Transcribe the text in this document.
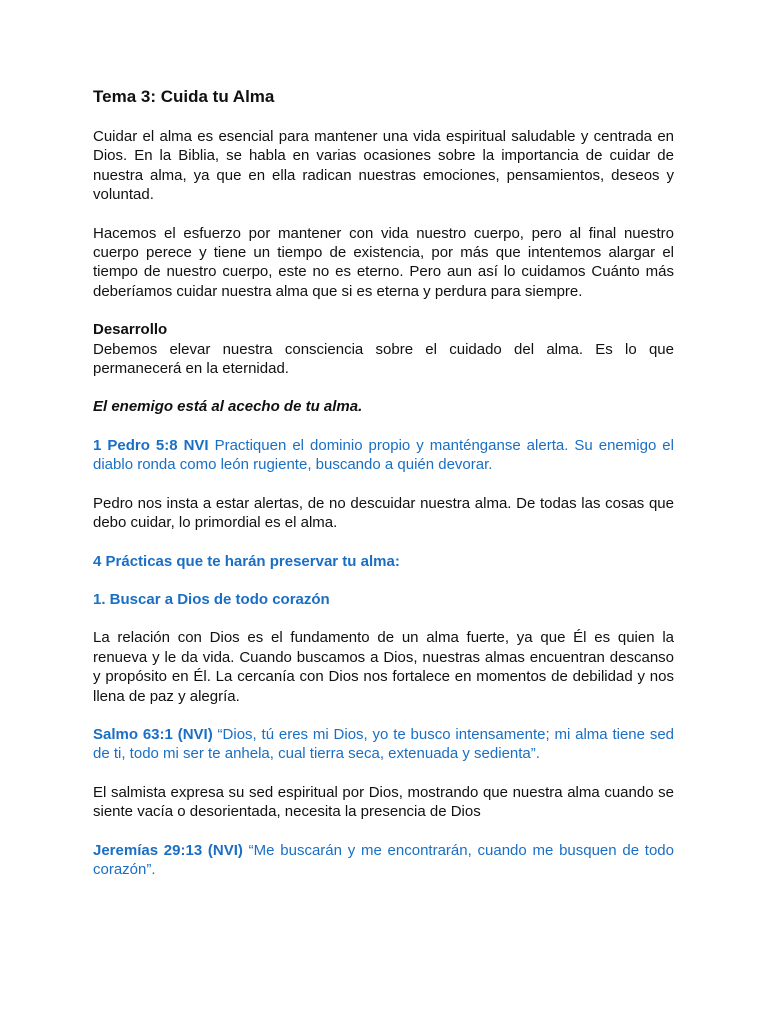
Tema 3: Cuida tu Alma

Cuidar el alma es esencial para mantener una vida espiritual saludable y centrada en Dios. En la Biblia, se habla en varias ocasiones sobre la importancia de cuidar de nuestra alma, ya que en ella radican nuestras emociones, pensamientos, deseos y voluntad.

Hacemos el esfuerzo por mantener con vida nuestro cuerpo, pero al final nuestro cuerpo perece y tiene un tiempo de existencia, por más que intentemos alargar el tiempo de nuestro cuerpo, este no es eterno. Pero aun así lo cuidamos Cuánto más deberíamos cuidar nuestra alma que si es eterna y perdura para siempre.

Desarrollo

Debemos elevar nuestra consciencia sobre el cuidado del alma. Es lo que permanecerá en la eternidad.

El enemigo está al acecho de tu alma.

1 Pedro 5:8 NVI Practiquen el dominio propio y manténganse alerta. Su enemigo el diablo ronda como león rugiente, buscando a quién devorar.

Pedro nos insta a estar alertas, de no descuidar nuestra alma. De todas las cosas que debo cuidar, lo primordial es el alma.

4 Prácticas que te harán preservar tu alma:

1. Buscar a Dios de todo corazón

La relación con Dios es el fundamento de un alma fuerte, ya que Él es quien la renueva y le da vida. Cuando buscamos a Dios, nuestras almas encuentran descanso y propósito en Él. La cercanía con Dios nos fortalece en momentos de debilidad y nos llena de paz y alegría.

Salmo 63:1 (NVI) “Dios, tú eres mi Dios, yo te busco intensamente; mi alma tiene sed de ti, todo mi ser te anhela, cual tierra seca, extenuada y sedienta”.

El salmista expresa su sed espiritual por Dios, mostrando que nuestra alma cuando se siente vacía o desorientada, necesita la presencia de Dios

Jeremías 29:13 (NVI) “Me buscarán y me encontrarán, cuando me busquen de todo corazón”.
